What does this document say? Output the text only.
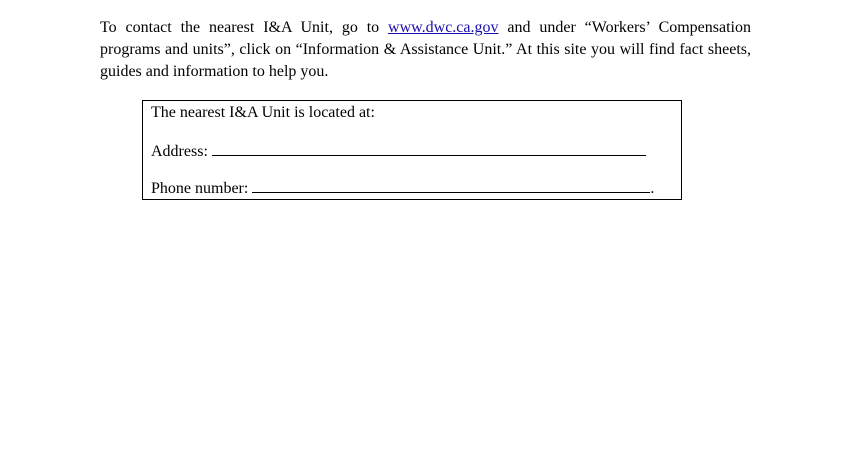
To contact the nearest I&A Unit, go to www.dwc.ca.gov and under “Workers’ Compensation programs and units”, click on “Information & Assistance Unit.” At this site you will find fact sheets, guides and information to help you.

The nearest I&A Unit is located at:
Address:
Phone number:	.
